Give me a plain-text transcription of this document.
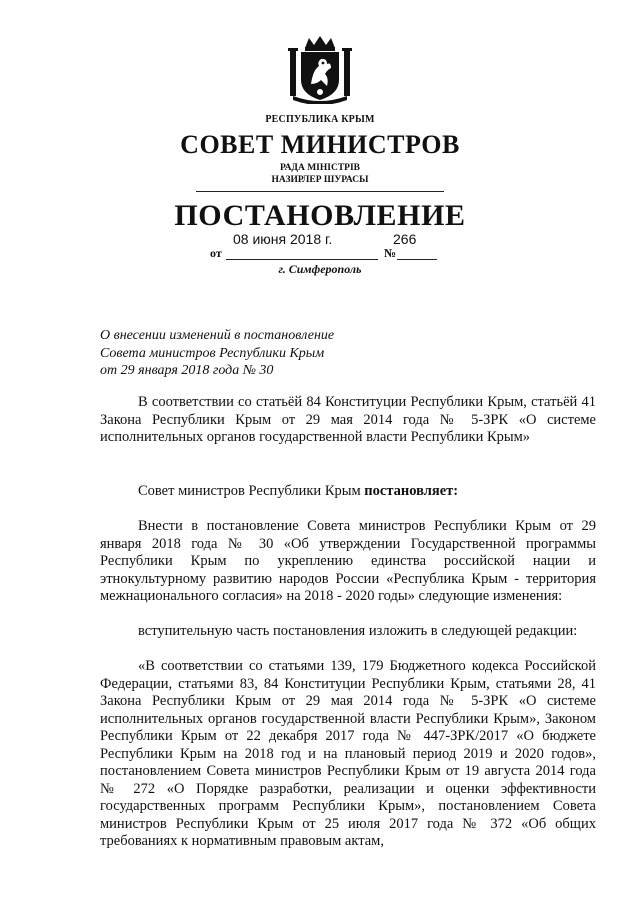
РЕСПУБЛИКА КРЫМ
СОВЕТ МИНИСТРОВ
РАДА МІНІСТРІВ
НАЗИРЛЕР ШУРАСЫ
ПОСТАНОВЛЕНИЕ
08 июня 2018 г.	266
от	№
г. Симферополь
О внесении изменений в постановление
Совета министров Республики Крым
от 29 января 2018 года № 30
В соответствии со статьёй 84 Конституции Республики Крым, статьёй 41 Закона Республики Крым от 29 мая 2014 года № 5-ЗРК «О системе исполнительных органов государственной власти Республики Крым»
Совет министров Республики Крым постановляет:
Внести в постановление Совета министров Республики Крым от 29 января 2018 года № 30 «Об утверждении Государственной программы Республики Крым по укреплению единства российской нации и этнокультурному развитию народов России «Республика Крым - территория межнационального согласия» на 2018 - 2020 годы» следующие изменения:
вступительную часть постановления изложить в следующей редакции:
«В соответствии со статьями 139, 179 Бюджетного кодекса Российской Федерации, статьями 83, 84 Конституции Республики Крым, статьями 28, 41 Закона Республики Крым от 29 мая 2014 года № 5-ЗРК «О системе исполнительных органов государственной власти Республики Крым», Законом Республики Крым от 22 декабря 2017 года № 447-ЗРК/2017 «О бюджете Республики Крым на 2018 год и на плановый период 2019 и 2020 годов», постановлением Совета министров Республики Крым от 19 августа 2014 года № 272 «О Порядке разработки, реализации и оценки эффективности государственных программ Республики Крым», постановлением Совета министров Республики Крым от 25 июля 2017 года № 372 «Об общих требованиях к нормативным правовым актам,
